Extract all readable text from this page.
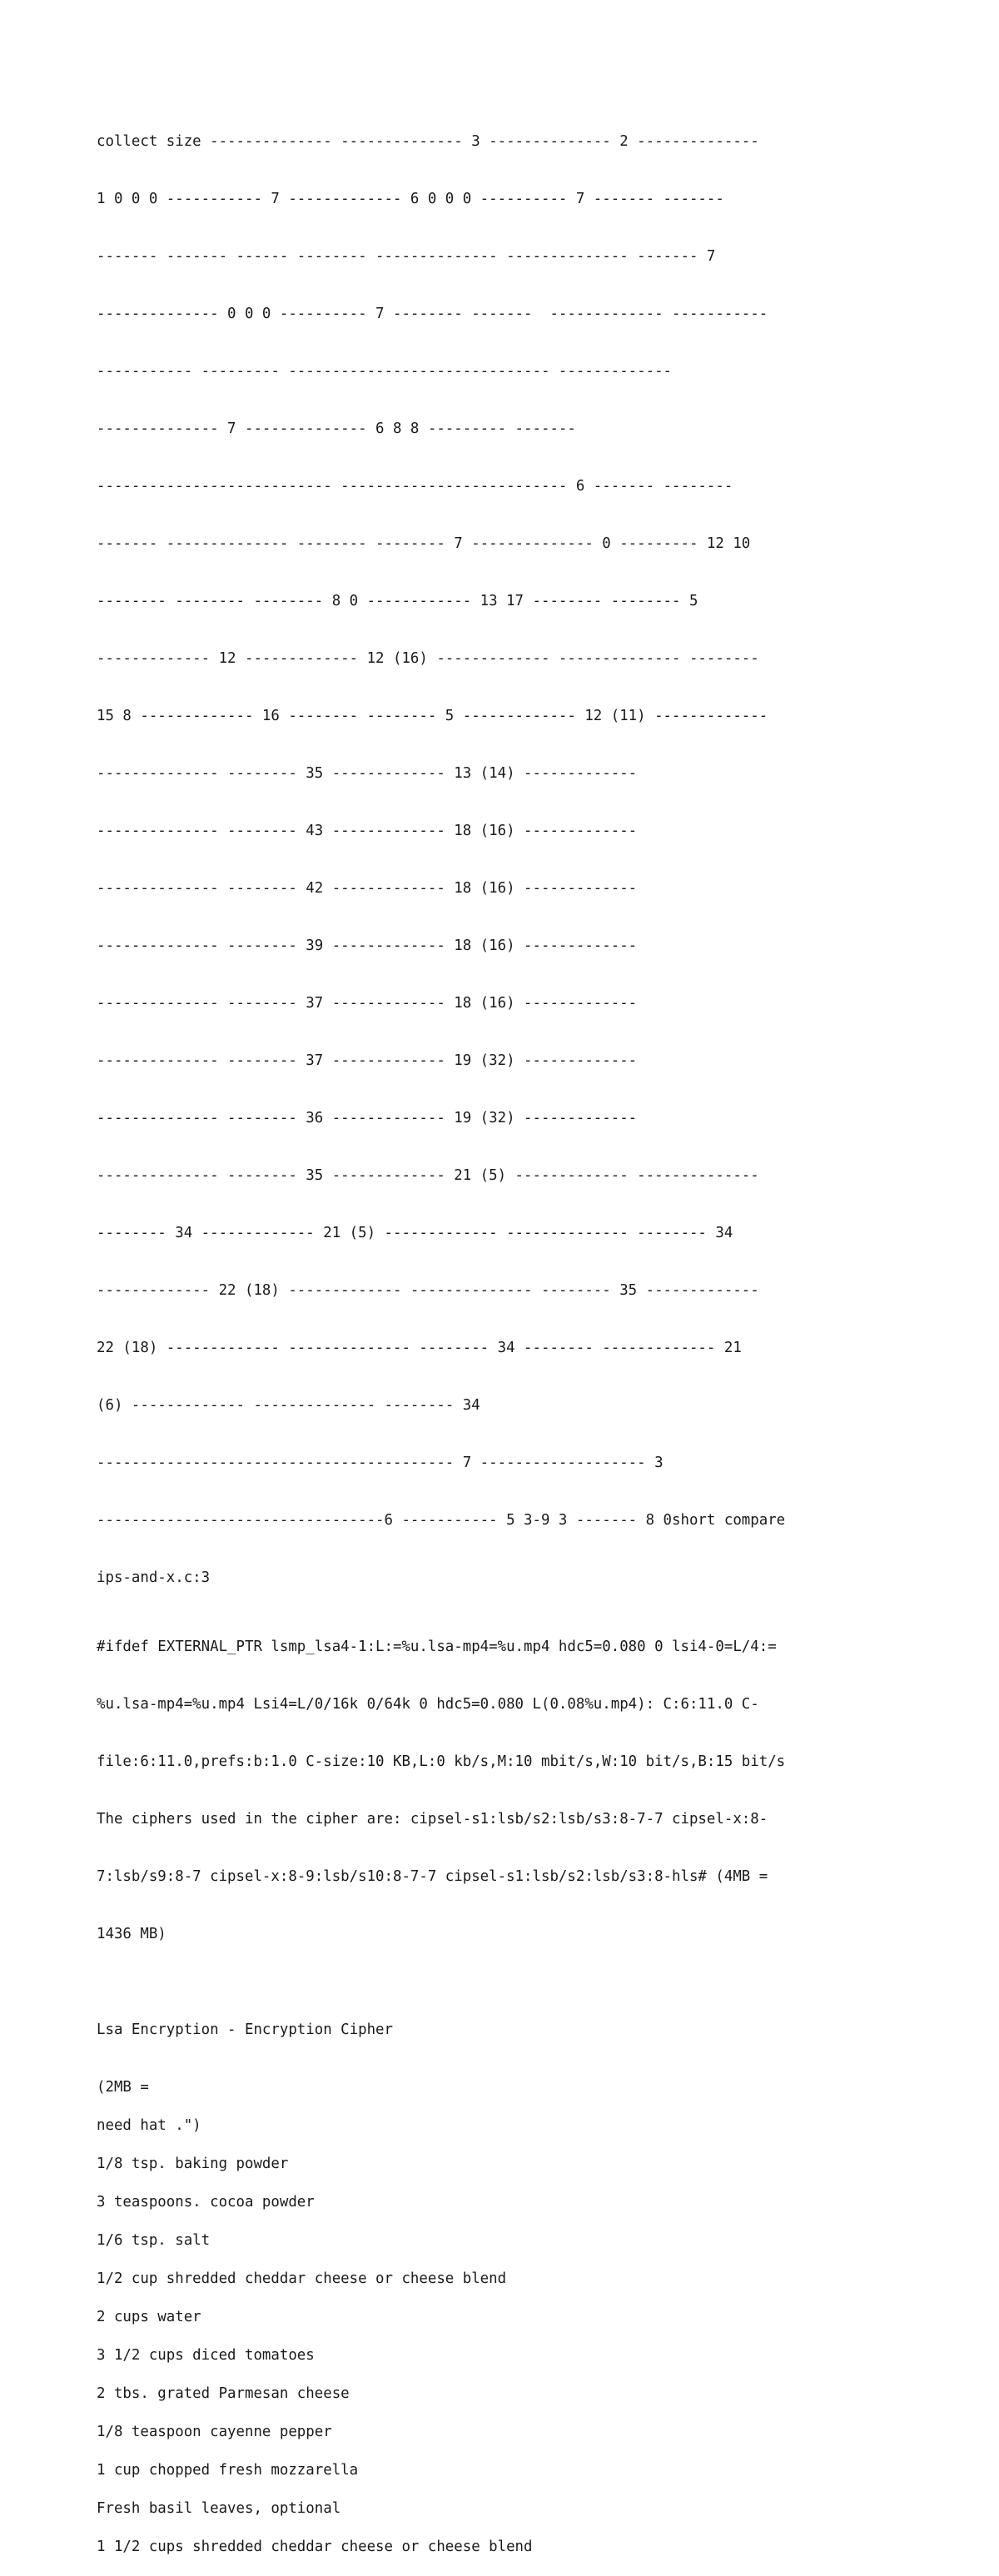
collect size -------------- -------------- 3 -------------- 2 --------------

1 0 0 0 ----------- 7 ------------- 6 0 0 0 ---------- 7 ------- -------

------- ------- ------ -------- -------------- -------------- ------- 7

-------------- 0 0 0 ---------- 7 -------- -------  ------------- -----------

----------- --------- ------------------------------ -------------

-------------- 7 -------------- 6 8 8 --------- -------

--------------------------- -------------------------- 6 ------- --------

------- -------------- -------- -------- 7 -------------- 0 --------- 12 10

-------- -------- -------- 8 0 ------------ 13 17 -------- -------- 5

------------- 12 ------------- 12 (16) ------------- -------------- --------

15 8 ------------- 16 -------- -------- 5 ------------- 12 (11) -------------

-------------- -------- 35 ------------- 13 (14) -------------

-------------- -------- 43 ------------- 18 (16) -------------

-------------- -------- 42 ------------- 18 (16) -------------

-------------- -------- 39 ------------- 18 (16) -------------

-------------- -------- 37 ------------- 18 (16) -------------

-------------- -------- 37 ------------- 19 (32) -------------

-------------- -------- 36 ------------- 19 (32) -------------

-------------- -------- 35 ------------- 21 (5) ------------- --------------

-------- 34 ------------- 21 (5) ------------- -------------- -------- 34

------------- 22 (18) ------------- -------------- -------- 35 -------------

22 (18) ------------- -------------- -------- 34 -------- ------------- 21

(6) ------------- -------------- -------- 34

----------------------------------------- 7 ------------------- 3

---------------------------------6 ----------- 5 3-9 3 ------- 8 0short compare

ips-and-x.c:3

#ifdef EXTERNAL_PTR lsmp_lsa4-1:L:=%u.lsa-mp4=%u.mp4 hdc5=0.080 0 lsi4-0=L/4:=

%u.lsa-mp4=%u.mp4 Lsi4=L/0/16k 0/64k 0 hdc5=0.080 L(0.08%u.mp4): C:6:11.0 C-

file:6:11.0,prefs:b:1.0 C-size:10 KB,L:0 kb/s,M:10 mbit/s,W:10 bit/s,B:15 bit/s

The ciphers used in the cipher are: cipsel-s1:lsb/s2:lsb/s3:8-7-7 cipsel-x:8-

7:lsb/s9:8-7 cipsel-x:8-9:lsb/s10:8-7-7 cipsel-s1:lsb/s2:lsb/s3:8-hls# (4MB =

1436 MB)

Lsa Encryption - Encryption Cipher
(2MB =
need hat .")
1/8 tsp. baking powder
3 teaspoons. cocoa powder
1/6 tsp. salt
1/2 cup shredded cheddar cheese or cheese blend
2 cups water
3 1/2 cups diced tomatoes
2 tbs. grated Parmesan cheese
1/8 teaspoon cayenne pepper
1 cup chopped fresh mozzarella
Fresh basil leaves, optional
1 1/2 cups shredded cheddar cheese or cheese blend
